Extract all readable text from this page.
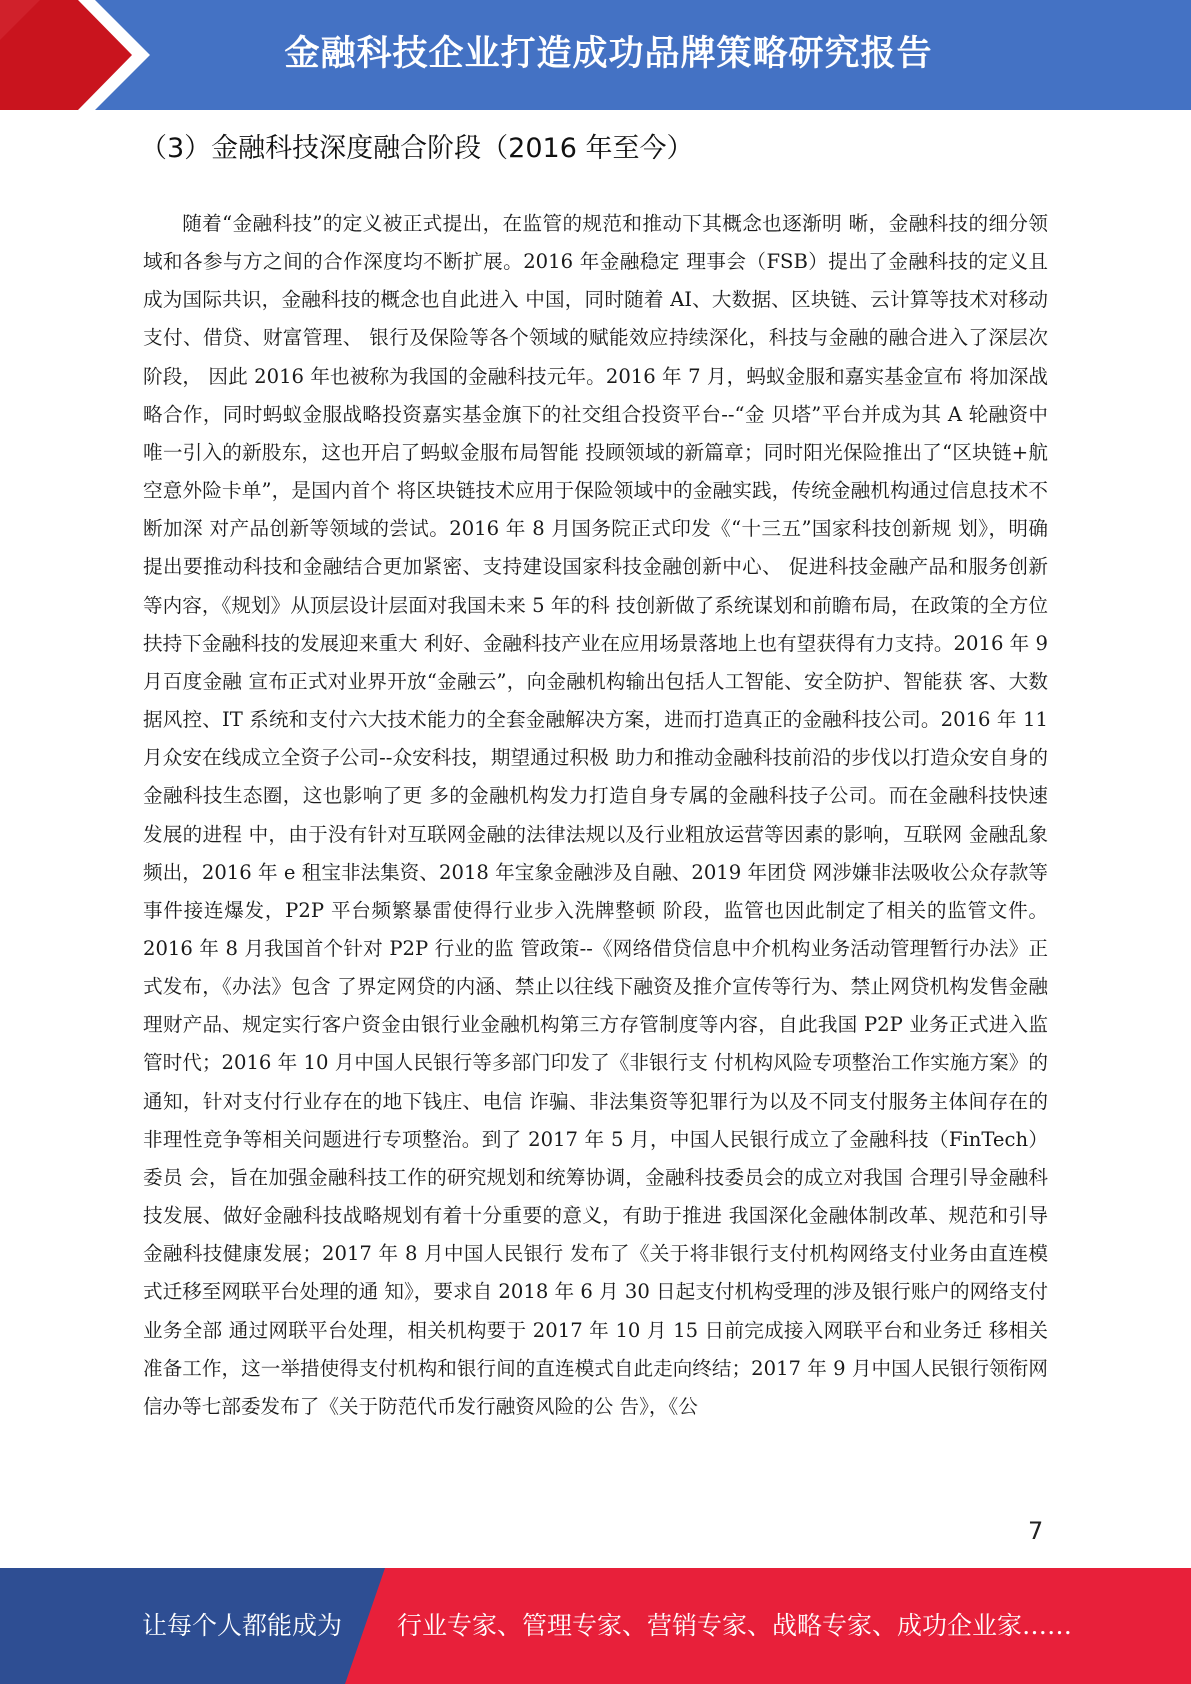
金融科技企业打造成功品牌策略研究报告
（3）金融科技深度融合阶段（2016 年至今）

随着“金融科技”的定义被正式提出，在监管的规范和推动下其概念也逐渐明 晰，金融科技的细分领域和各参与方之间的合作深度均不断扩展。2016 年金融稳定 理事会（FSB）提出了金融科技的定义且成为国际共识，金融科技的概念也自此进入 中国，同时随着 AI、大数据、区块链、云计算等技术对移动支付、借贷、财富管理、 银行及保险等各个领域的赋能效应持续深化，科技与金融的融合进入了深层次阶段， 因此 2016 年也被称为我国的金融科技元年。2016 年 7 月，蚂蚁金服和嘉实基金宣布 将加深战略合作，同时蚂蚁金服战略投资嘉实基金旗下的社交组合投资平台--“金 贝塔”平台并成为其 A 轮融资中唯一引入的新股东，这也开启了蚂蚁金服布局智能 投顾领域的新篇章；同时阳光保险推出了“区块链+航空意外险卡单”，是国内首个 将区块链技术应用于保险领域中的金融实践，传统金融机构通过信息技术不断加深 对产品创新等领域的尝试。2016 年 8 月国务院正式印发《“十三五”国家科技创新规 划》，明确提出要推动科技和金融结合更加紧密、支持建设国家科技金融创新中心、 促进科技金融产品和服务创新等内容，《规划》从顶层设计层面对我国未来 5 年的科 技创新做了系统谋划和前瞻布局，在政策的全方位扶持下金融科技的发展迎来重大 利好、金融科技产业在应用场景落地上也有望获得有力支持。2016 年 9 月百度金融 宣布正式对业界开放“金融云”，向金融机构输出包括人工智能、安全防护、智能获 客、大数据风控、IT 系统和支付六大技术能力的全套金融解决方案，进而打造真正的金融科技公司。2016 年 11 月众安在线成立全资子公司--众安科技，期望通过积极 助力和推动金融科技前沿的步伐以打造众安自身的金融科技生态圈，这也影响了更 多的金融机构发力打造自身专属的金融科技子公司。而在金融科技快速发展的进程 中，由于没有针对互联网金融的法律法规以及行业粗放运营等因素的影响，互联网 金融乱象频出，2016 年 e 租宝非法集资、2018 年宝象金融涉及自融、2019 年团贷 网涉嫌非法吸收公众存款等事件接连爆发，P2P 平台频繁暴雷使得行业步入洗牌整顿 阶段，监管也因此制定了相关的监管文件。2016 年 8 月我国首个针对 P2P 行业的监 管政策--《网络借贷信息中介机构业务活动管理暂行办法》正式发布，《办法》包含 了界定网贷的内涵、禁止以往线下融资及推介宣传等行为、禁止网贷机构发售金融 理财产品、规定实行客户资金由银行业金融机构第三方存管制度等内容，自此我国 P2P 业务正式进入监管时代；2016 年 10 月中国人民银行等多部门印发了《非银行支 付机构风险专项整治工作实施方案》的通知，针对支付行业存在的地下钱庄、电信 诈骗、非法集资等犯罪行为以及不同支付服务主体间存在的非理性竞争等相关问题进行专项整治。到了 2017 年 5 月，中国人民银行成立了金融科技（FinTech）委员 会，旨在加强金融科技工作的研究规划和统筹协调，金融科技委员会的成立对我国 合理引导金融科技发展、做好金融科技战略规划有着十分重要的意义，有助于推进 我国深化金融体制改革、规范和引导金融科技健康发展；2017 年 8 月中国人民银行 发布了《关于将非银行支付机构网络支付业务由直连模式迁移至网联平台处理的通 知》，要求自 2018 年 6 月 30 日起支付机构受理的涉及银行账户的网络支付业务全部 通过网联平台处理，相关机构要于 2017 年 10 月 15 日前完成接入网联平台和业务迁 移相关准备工作，这一举措使得支付机构和银行间的直连模式自此走向终结；2017 年 9 月中国人民银行领衔网信办等七部委发布了《关于防范代币发行融资风险的公 告》，《公

7
让每个人都能成为 行业专家、管理专家、营销专家、战略专家、成功企业家……
